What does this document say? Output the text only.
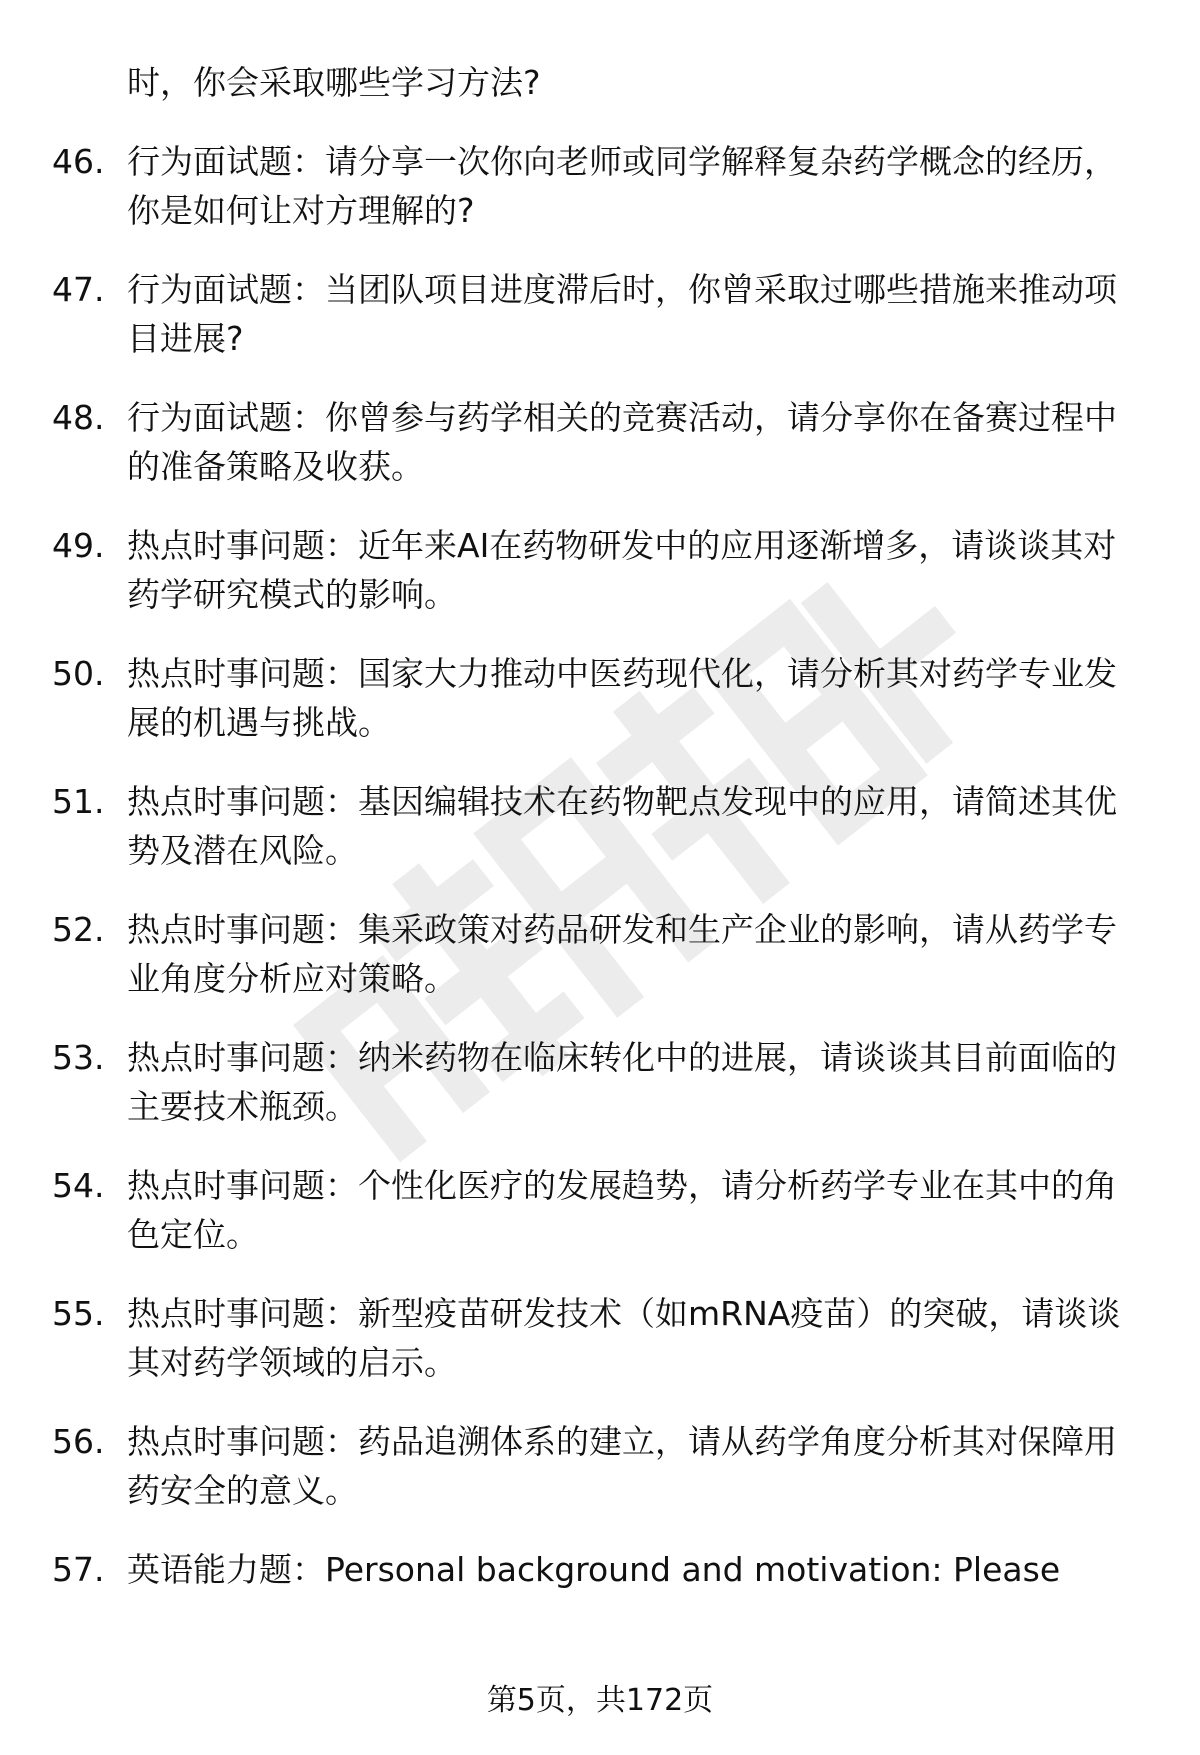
时，你会采取哪些学习方法?
46. 行为面试题：请分享一次你向老师或同学解释复杂药学概念的经历，你是如何让对方理解的?
47. 行为面试题：当团队项目进度滞后时，你曾采取过哪些措施来推动项目进展?
48. 行为面试题：你曾参与药学相关的竞赛活动，请分享你在备赛过程中的准备策略及收获。
49. 热点时事问题：近年来AI在药物研发中的应用逐渐增多，请谈谈其对药学研究模式的影响。
50. 热点时事问题：国家大力推动中医药现代化，请分析其对药学专业发展的机遇与挑战。
51. 热点时事问题：基因编辑技术在药物靶点发现中的应用，请简述其优势及潜在风险。
52. 热点时事问题：集采政策对药品研发和生产企业的影响，请从药学专业角度分析应对策略。
53. 热点时事问题：纳米药物在临床转化中的进展，请谈谈其目前面临的主要技术瓶颈。
54. 热点时事问题：个性化医疗的发展趋势，请分析药学专业在其中的角色定位。
55. 热点时事问题：新型疫苗研发技术（如mRNA疫苗）的突破，请谈谈其对药学领域的启示。
56. 热点时事问题：药品追溯体系的建立，请从药学角度分析其对保障用药安全的意义。
57. 英语能力题：Personal background and motivation: Please
第5页，共172页
